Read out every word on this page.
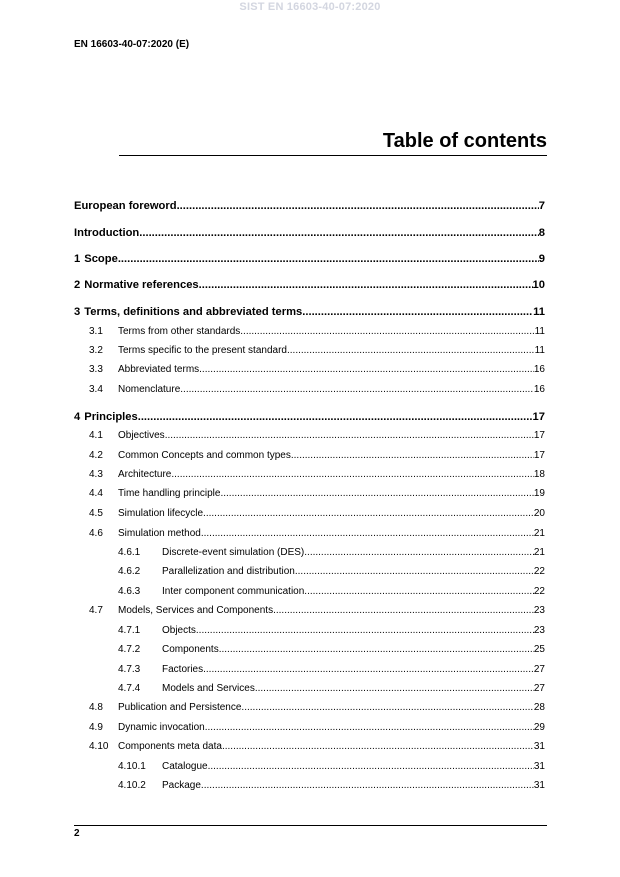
SIST EN 16603-40-07:2020
EN 16603-40-07:2020 (E)
Table of contents
European foreword .....	7
Introduction .....	8
1 Scope .....	9
2 Normative references .....	10
3 Terms, definitions and abbreviated terms .....	11
3.1	Terms from other standards .....	11
3.2	Terms specific to the present standard .....	11
3.3	Abbreviated terms .....	16
3.4	Nomenclature .....	16
4 Principles .....	17
4.1	Objectives .....	17
4.2	Common Concepts and common types .....	17
4.3	Architecture .....	18
4.4	Time handling principle .....	19
4.5	Simulation lifecycle .....	20
4.6	Simulation method .....	21
4.6.1	Discrete-event simulation (DES) .....	21
4.6.2	Parallelization and distribution .....	22
4.6.3	Inter component communication .....	22
4.7	Models, Services and Components .....	23
4.7.1	Objects .....	23
4.7.2	Components .....	25
4.7.3	Factories .....	27
4.7.4	Models and Services .....	27
4.8	Publication and Persistence .....	28
4.9	Dynamic invocation .....	29
4.10 Components meta data .....	31
4.10.1	Catalogue .....	31
4.10.2	Package .....	31
2
